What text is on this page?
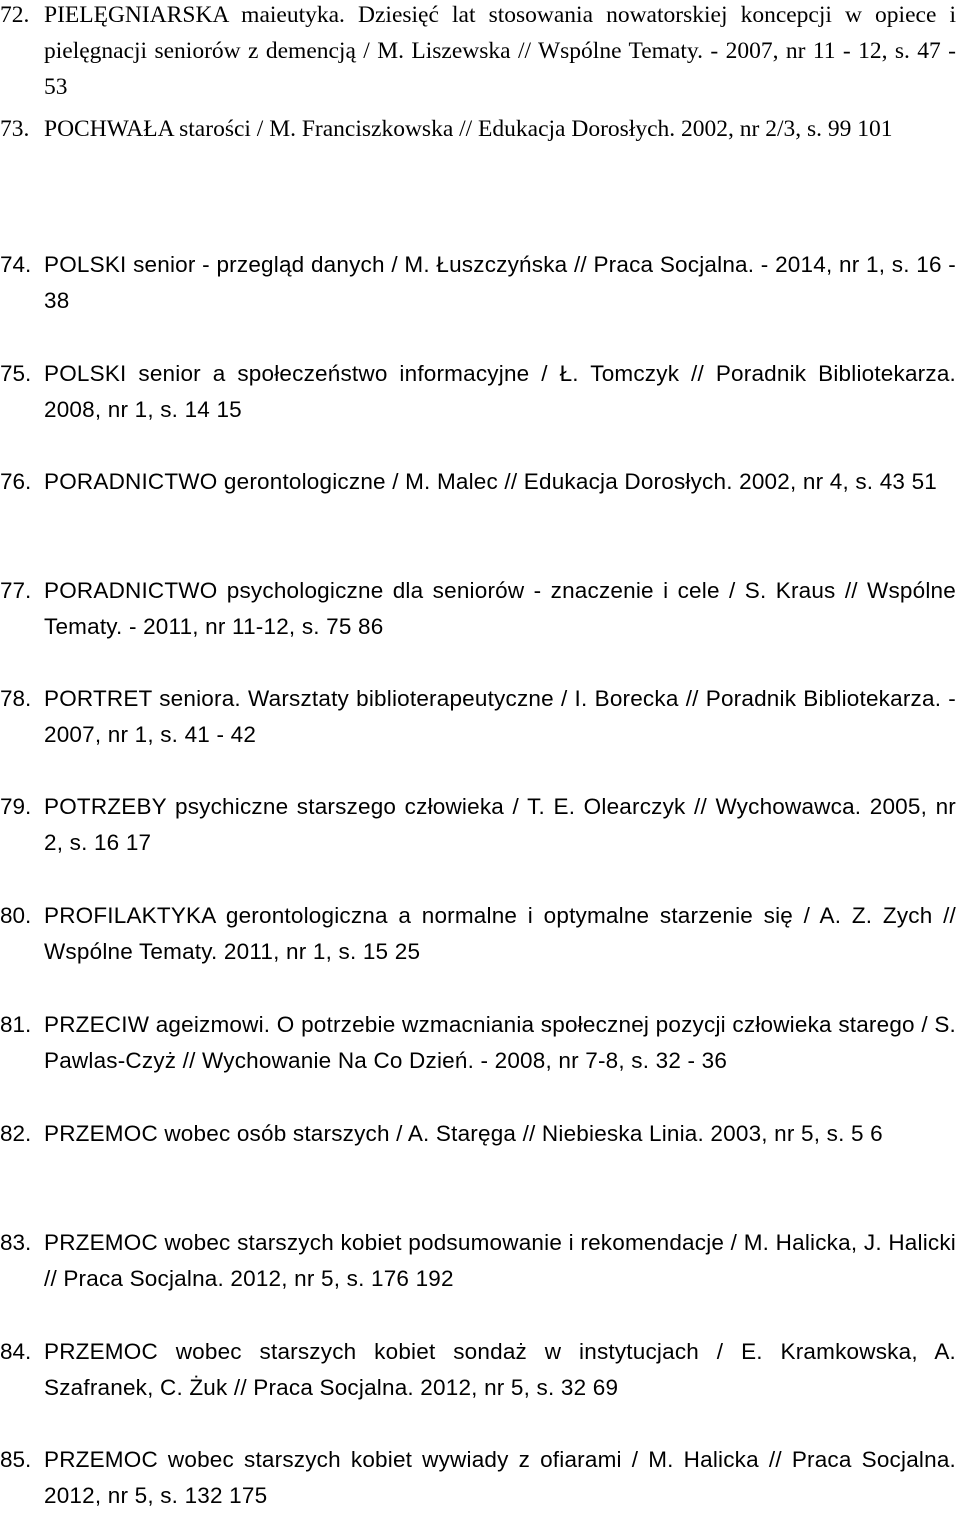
72. PIELĘGNIARSKA maieutyka. Dziesięć lat stosowania nowatorskiej koncepcji w opiece i pielęgnacji seniorów z demencją / M. Liszewska // Wspólne Tematy. - 2007, nr 11 - 12, s. 47 - 53
73. POCHWAŁA starości / M. Franciszkowska // Edukacja Dorosłych. 2002, nr 2/3, s. 99 101
74. POLSKI senior - przegląd danych / M. Łuszczyńska // Praca Socjalna. - 2014, nr 1, s. 16 - 38
75. POLSKI senior a społeczeństwo informacyjne / Ł. Tomczyk // Poradnik Bibliotekarza. 2008, nr 1, s. 14 15
76. PORADNICTWO gerontologiczne / M. Malec // Edukacja Dorosłych. 2002, nr 4, s. 43 51
77. PORADNICTWO psychologiczne dla seniorów - znaczenie i cele / S. Kraus // Wspólne Tematy. - 2011, nr 11-12, s. 75 86
78. PORTRET seniora. Warsztaty biblioterapeutyczne / I. Borecka // Poradnik Bibliotekarza. - 2007, nr 1, s. 41 - 42
79. POTRZEBY psychiczne starszego człowieka / T. E. Olearczyk // Wychowawca. 2005, nr 2, s. 16 17
80. PROFILAKTYKA gerontologiczna a normalne i optymalne starzenie się / A. Z. Zych // Wspólne Tematy. 2011, nr 1, s. 15 25
81. PRZECIW ageizmowi. O potrzebie wzmacniania społecznej pozycji człowieka starego / S. Pawlas-Czyż // Wychowanie Na Co Dzień. - 2008, nr 7-8, s. 32 - 36
82. PRZEMOC wobec osób starszych / A. Staręga // Niebieska Linia. 2003, nr 5, s. 5 6
83. PRZEMOC wobec starszych kobiet podsumowanie i rekomendacje / M. Halicka, J. Halicki // Praca Socjalna. 2012, nr 5, s. 176 192
84. PRZEMOC wobec starszych kobiet sondaż w instytucjach / E. Kramkowska, A. Szafranek, C. Żuk // Praca Socjalna. 2012, nr 5, s. 32 69
85. PRZEMOC wobec starszych kobiet wywiady z ofiarami / M. Halicka // Praca Socjalna. 2012, nr 5, s. 132 175
